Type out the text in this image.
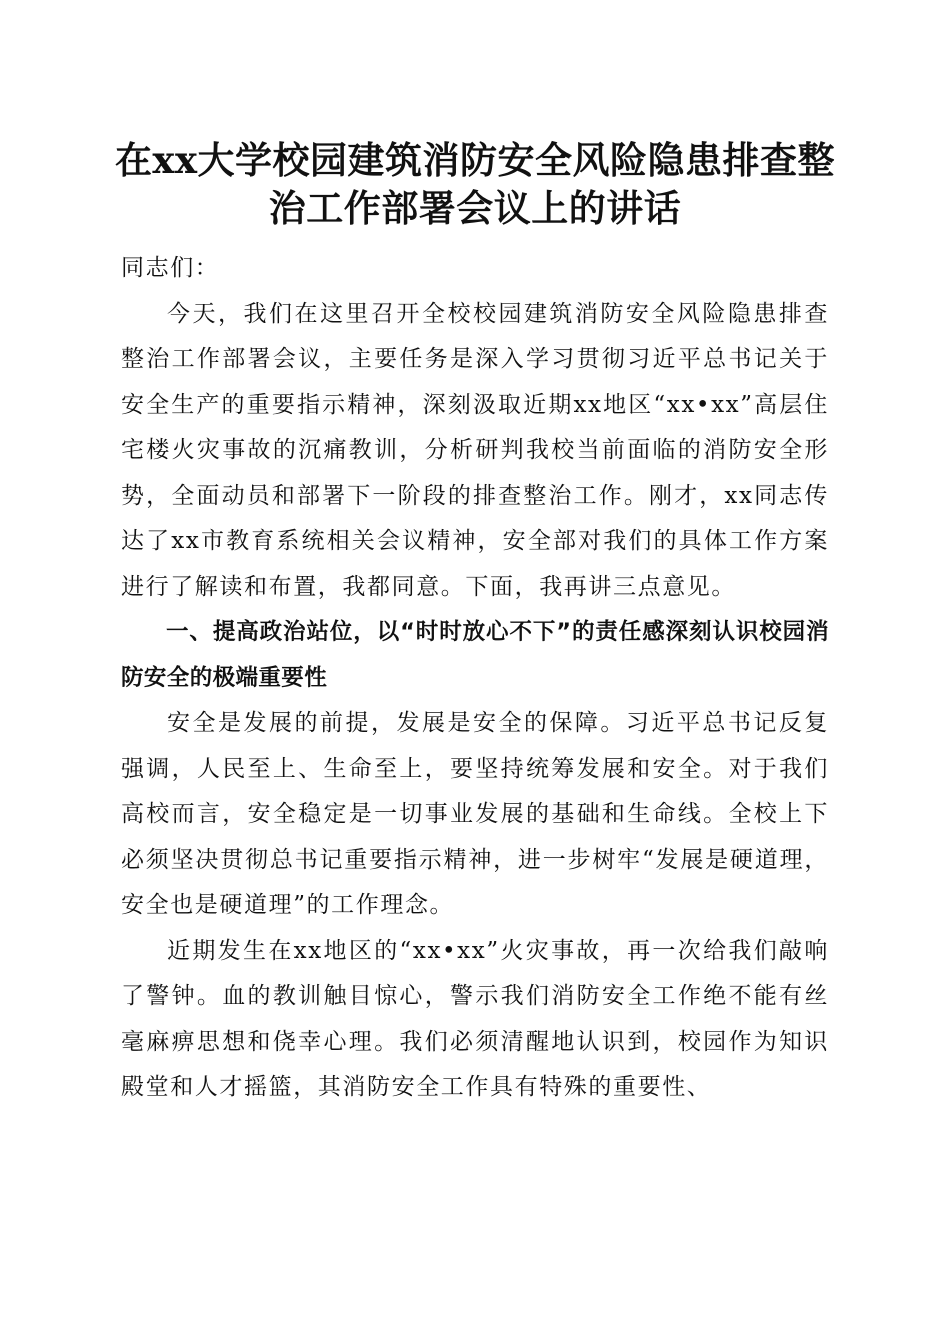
在xx大学校园建筑消防安全风险隐患排查整
治工作部署会议上的讲话

同志们：

今天，我们在这里召开全校校园建筑消防安全风险隐患排查整治工作部署会议，主要任务是深入学习贯彻习近平总书记关于安全生产的重要指示精神，深刻汲取近期xx地区“xx•xx”高层住宅楼火灾事故的沉痛教训，分析研判我校当前面临的消防安全形势，全面动员和部署下一阶段的排查整治工作。刚才，xx同志传达了xx市教育系统相关会议精神，安全部对我们的具体工作方案进行了解读和布置，我都同意。下面，我再讲三点意见。

一、提高政治站位，以“时时放心不下”的责任感深刻认识校园消防安全的极端重要性

安全是发展的前提，发展是安全的保障。习近平总书记反复强调，人民至上、生命至上，要坚持统筹发展和安全。对于我们高校而言，安全稳定是一切事业发展的基础和生命线。全校上下必须坚决贯彻总书记重要指示精神，进一步树牢“发展是硬道理，安全也是硬道理”的工作理念。

近期发生在xx地区的“xx•xx”火灾事故，再一次给我们敲响了警钟。血的教训触目惊心，警示我们消防安全工作绝不能有丝毫麻痹思想和侥幸心理。我们必须清醒地认识到，校园作为知识殿堂和人才摇篮，其消防安全工作具有特殊的重要性、
